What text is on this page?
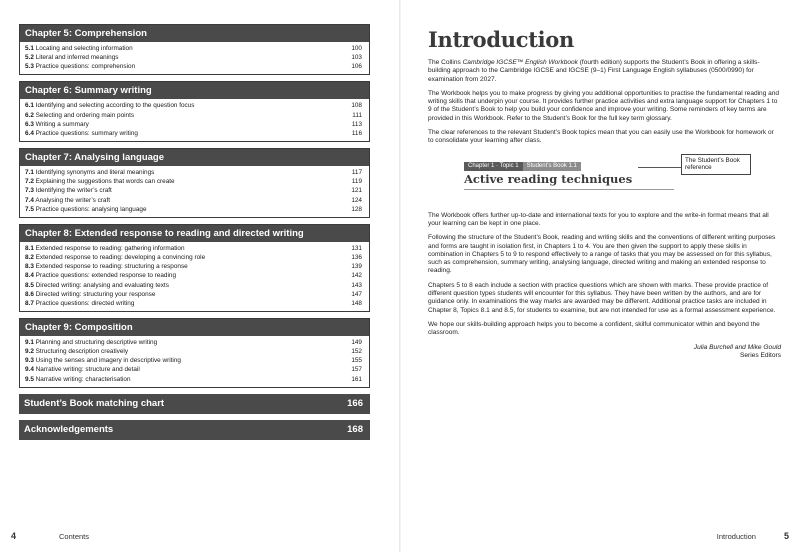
Chapter 5: Comprehension
5.1 Locating and selecting information	100
5.2 Literal and inferred meanings	103
5.3 Practice questions: comprehension	106
Chapter 6: Summary writing
6.1 Identifying and selecting according to the question focus	108
6.2 Selecting and ordering main points	111
6.3 Writing a summary	113
6.4 Practice questions: summary writing	116
Chapter 7: Analysing language
7.1 Identifying synonyms and literal meanings	117
7.2 Explaining the suggestions that words can create	119
7.3 Identifying the writer’s craft	121
7.4 Analysing the writer’s craft	124
7.5 Practice questions: analysing language	128
Chapter 8: Extended response to reading and directed writing
8.1 Extended response to reading: gathering information	131
8.2 Extended response to reading: developing a convincing role	136
8.3 Extended response to reading: structuring a response	139
8.4 Practice questions: extended response to reading	142
8.5 Directed writing: analysing and evaluating texts	143
8.6 Directed writing: structuring your response	147
8.7 Practice questions: directed writing	148
Chapter 9: Composition
9.1 Planning and structuring descriptive writing	149
9.2 Structuring description creatively	152
9.3 Using the senses and imagery in descriptive writing	155
9.4 Narrative writing: structure and detail	157
9.5 Narrative writing: characterisation	161
Student’s Book matching chart	166
Acknowledgements	168
Introduction

The Collins Cambridge IGCSE™ English Workbook (fourth edition) supports the Student’s Book in offering a skills-building approach to the Cambridge IGCSE and IGCSE (9–1) First Language English syllabuses (0500/0990) for examination from 2027.

The Workbook helps you to make progress by giving you additional opportunities to practise the fundamental reading and writing skills that underpin your course. It provides further practice activities and extra language support for Chapters 1 to 9 of the Student’s Book to help you build your confidence and improve your writing. Some reminders of key terms are provided in this Workbook. Refer to the Student’s Book for the full key term glossary.

The clear references to the relevant Student’s Book topics mean that you can easily use the Workbook for homework or to consolidate your learning after class.

Chapter 1 · Topic 1	Student’s Book 1.1
Active reading techniques
The Student’s Book reference

The Workbook offers further up-to-date and international texts for you to explore and the write-in format means that all your learning can be kept in one place.

Following the structure of the Student’s Book, reading and writing skills and the conventions of different writing purposes and forms are taught in isolation first, in Chapters 1 to 4. You are then given the support to apply these skills in combination in Chapters 5 to 9 to respond effectively to a range of tasks that you may be assessed on for this syllabus, such as comprehension, summary writing, analysing language, directed writing and making an extended response to reading.

Chapters 5 to 8 each include a section with practice questions which are shown with marks. These provide practice of different question types students will encounter for this syllabus. They have been written by the authors, and are for guidance only. In examinations the way marks are awarded may be different. Additional practice tasks are included in Chapter 8, Topics 8.1 and 8.5, for students to examine, but are not intended for use as a formal assessment experience.

We hope our skills-building approach helps you to become a confident, skilful communicator within and beyond the classroom.

Julia Burchell and Mike Gould
Series Editors
4	Contents	Introduction	5
